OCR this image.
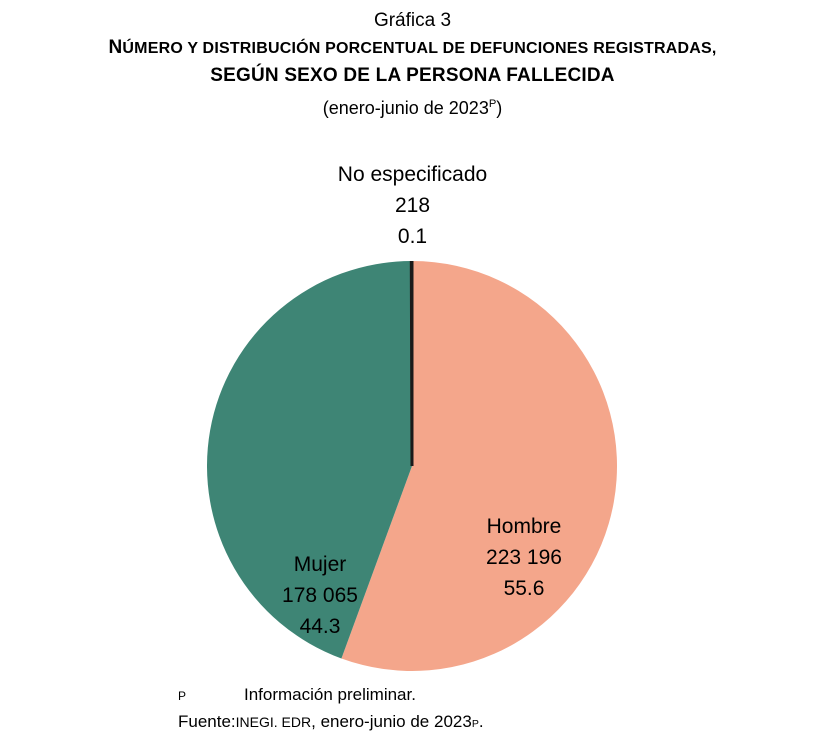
Gráfica 3
NÚMERO Y DISTRIBUCIÓN PORCENTUAL DE DEFUNCIONES REGISTRADAS,
SEGÚN SEXO DE LA PERSONA FALLECIDA
(enero-junio de $2023^P$)
No especificado
218
0.1
Hombre
223 196
55.6
Mujer
178 065
44.3
P	Información preliminar.
Fuente: INEGI. EDR , enero-junio de 2023 P .
